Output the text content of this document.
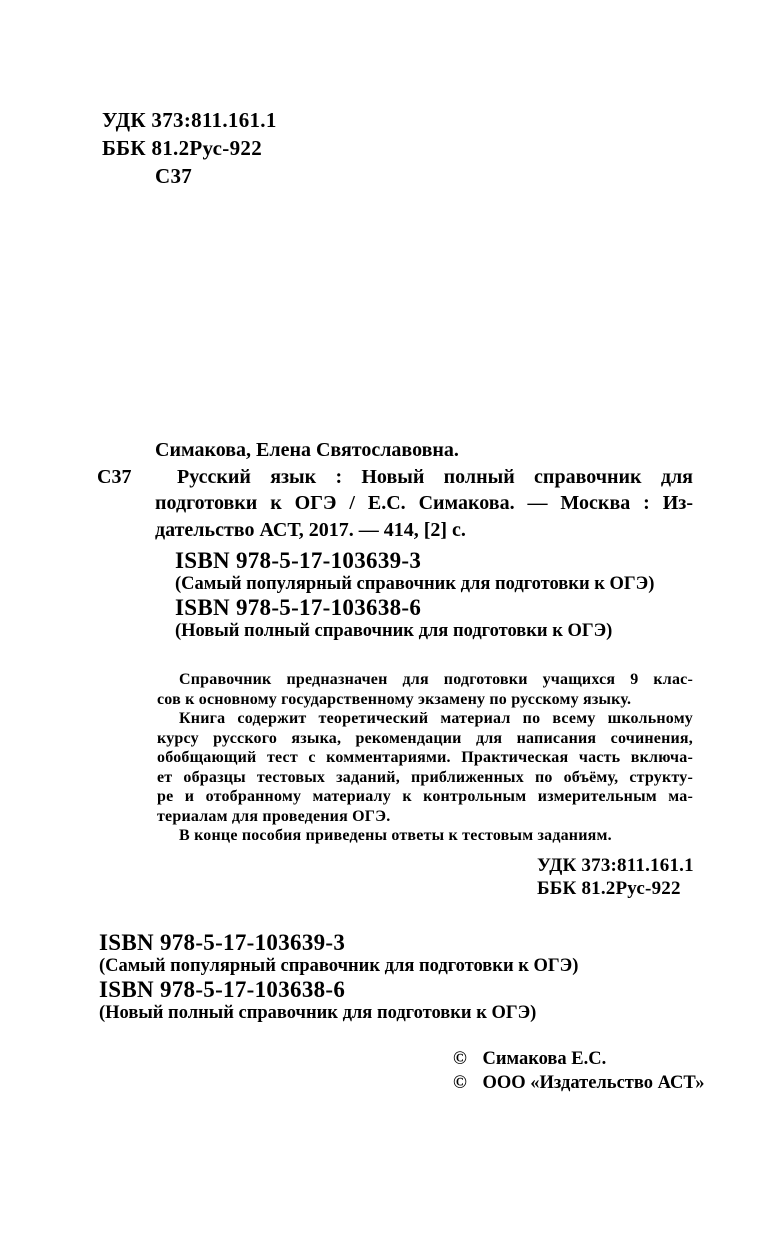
УДК 373:811.161.1
ББК 81.2Рус-922
С37
Симакова, Елена Святославовна.
С37 Русский язык : Новый полный справочник для
подготовки к ОГЭ / Е.С. Симакова. — Москва : Из-
дательство АСТ, 2017. — 414, [2] с.
ISBN 978-5-17-103639-3
(Самый популярный справочник для подготовки к ОГЭ)
ISBN 978-5-17-103638-6
(Новый полный справочник для подготовки к ОГЭ)
Справочник предназначен для подготовки учащихся 9 клас-
сов к основному государственному экзамену по русскому языку.
Книга содержит теоретический материал по всему школьному
курсу русского языка, рекомендации для написания сочинения,
обобщающий тест с комментариями. Практическая часть включа-
ет образцы тестовых заданий, приближенных по объёму, структу-
ре и отобранному материалу к контрольным измерительным ма-
териалам для проведения ОГЭ.
В конце пособия приведены ответы к тестовым заданиям.
УДК 373:811.161.1
ББК 81.2Рус-922
ISBN 978-5-17-103639-3
(Самый популярный справочник для подготовки к ОГЭ)
ISBN 978-5-17-103638-6
(Новый полный справочник для подготовки к ОГЭ)
© Симакова Е.С.
© ООО «Издательство АСТ»
